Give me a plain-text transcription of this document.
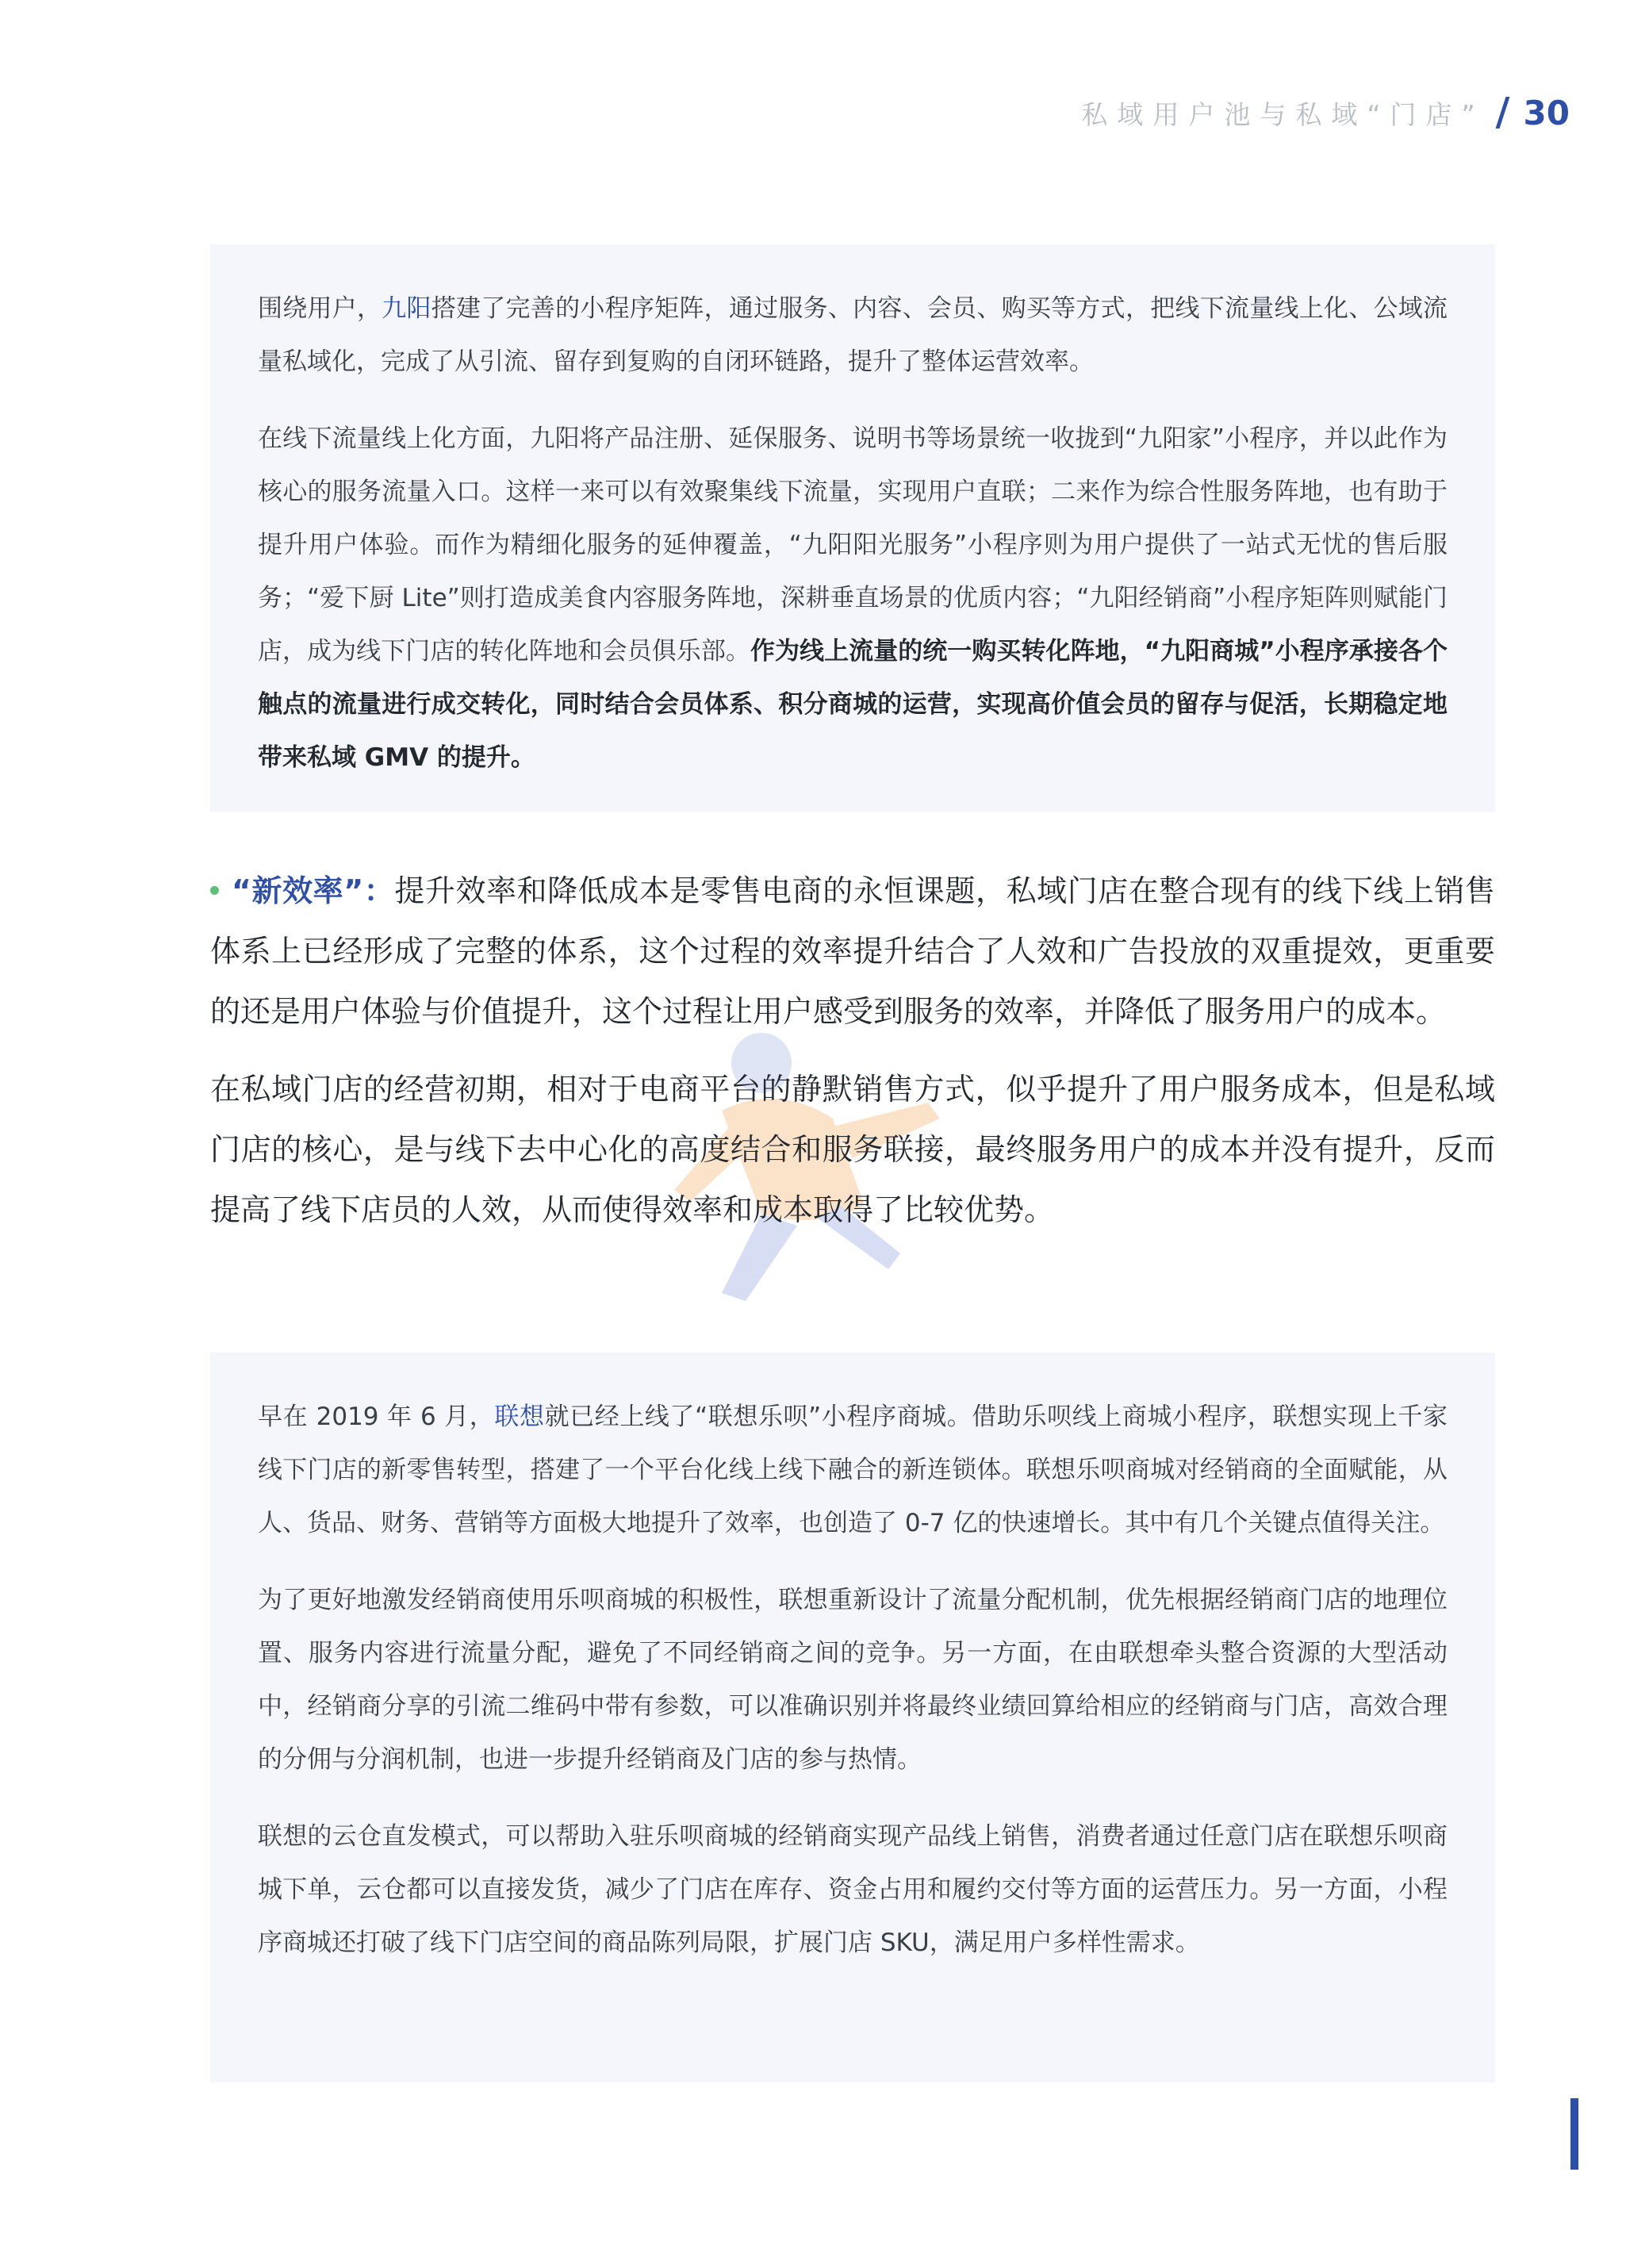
私域用户池与私域“门店” 30

围绕用户，九阳搭建了完善的小程序矩阵，通过服务、内容、会员、购买等方式，把线下流量线上化、公域流量私域化，完成了从引流、留存到复购的自闭环链路，提升了整体运营效率。

在线下流量线上化方面，九阳将产品注册、延保服务、说明书等场景统一收拢到“九阳家”小程序，并以此作为核心的服务流量入口。这样一来可以有效聚集线下流量，实现用户直联；二来作为综合性服务阵地，也有助于提升用户体验。而作为精细化服务的延伸覆盖，“九阳阳光服务”小程序则为用户提供了一站式无忧的售后服务；“爱下厨 Lite”则打造成美食内容服务阵地，深耕垂直场景的优质内容；“九阳经销商”小程序矩阵则赋能门店，成为线下门店的转化阵地和会员俱乐部。作为线上流量的统一购买转化阵地，“九阳商城”小程序承接各个触点的流量进行成交转化，同时结合会员体系、积分商城的运营，实现高价值会员的留存与促活，长期稳定地带来私域 GMV 的提升。

“新效率”：提升效率和降低成本是零售电商的永恒课题，私域门店在整合现有的线下线上销售体系上已经形成了完整的体系，这个过程的效率提升结合了人效和广告投放的双重提效，更重要的还是用户体验与价值提升，这个过程让用户感受到服务的效率，并降低了服务用户的成本。

在私域门店的经营初期，相对于电商平台的静默销售方式，似乎提升了用户服务成本，但是私域门店的核心，是与线下去中心化的高度结合和服务联接，最终服务用户的成本并没有提升，反而提高了线下店员的人效，从而使得效率和成本取得了比较优势。

早在 2019 年 6 月，联想就已经上线了“联想乐呗”小程序商城。借助乐呗线上商城小程序，联想实现上千家线下门店的新零售转型，搭建了一个平台化线上线下融合的新连锁体。联想乐呗商城对经销商的全面赋能，从人、货品、财务、营销等方面极大地提升了效率，也创造了 0-7 亿的快速增长。其中有几个关键点值得关注。

为了更好地激发经销商使用乐呗商城的积极性，联想重新设计了流量分配机制，优先根据经销商门店的地理位置、服务内容进行流量分配，避免了不同经销商之间的竞争。另一方面，在由联想牵头整合资源的大型活动中，经销商分享的引流二维码中带有参数，可以准确识别并将最终业绩回算给相应的经销商与门店，高效合理的分佣与分润机制，也进一步提升经销商及门店的参与热情。

联想的云仓直发模式，可以帮助入驻乐呗商城的经销商实现产品线上销售，消费者通过任意门店在联想乐呗商城下单，云仓都可以直接发货，减少了门店在库存、资金占用和履约交付等方面的运营压力。另一方面，小程序商城还打破了线下门店空间的商品陈列局限，扩展门店 SKU，满足用户多样性需求。
